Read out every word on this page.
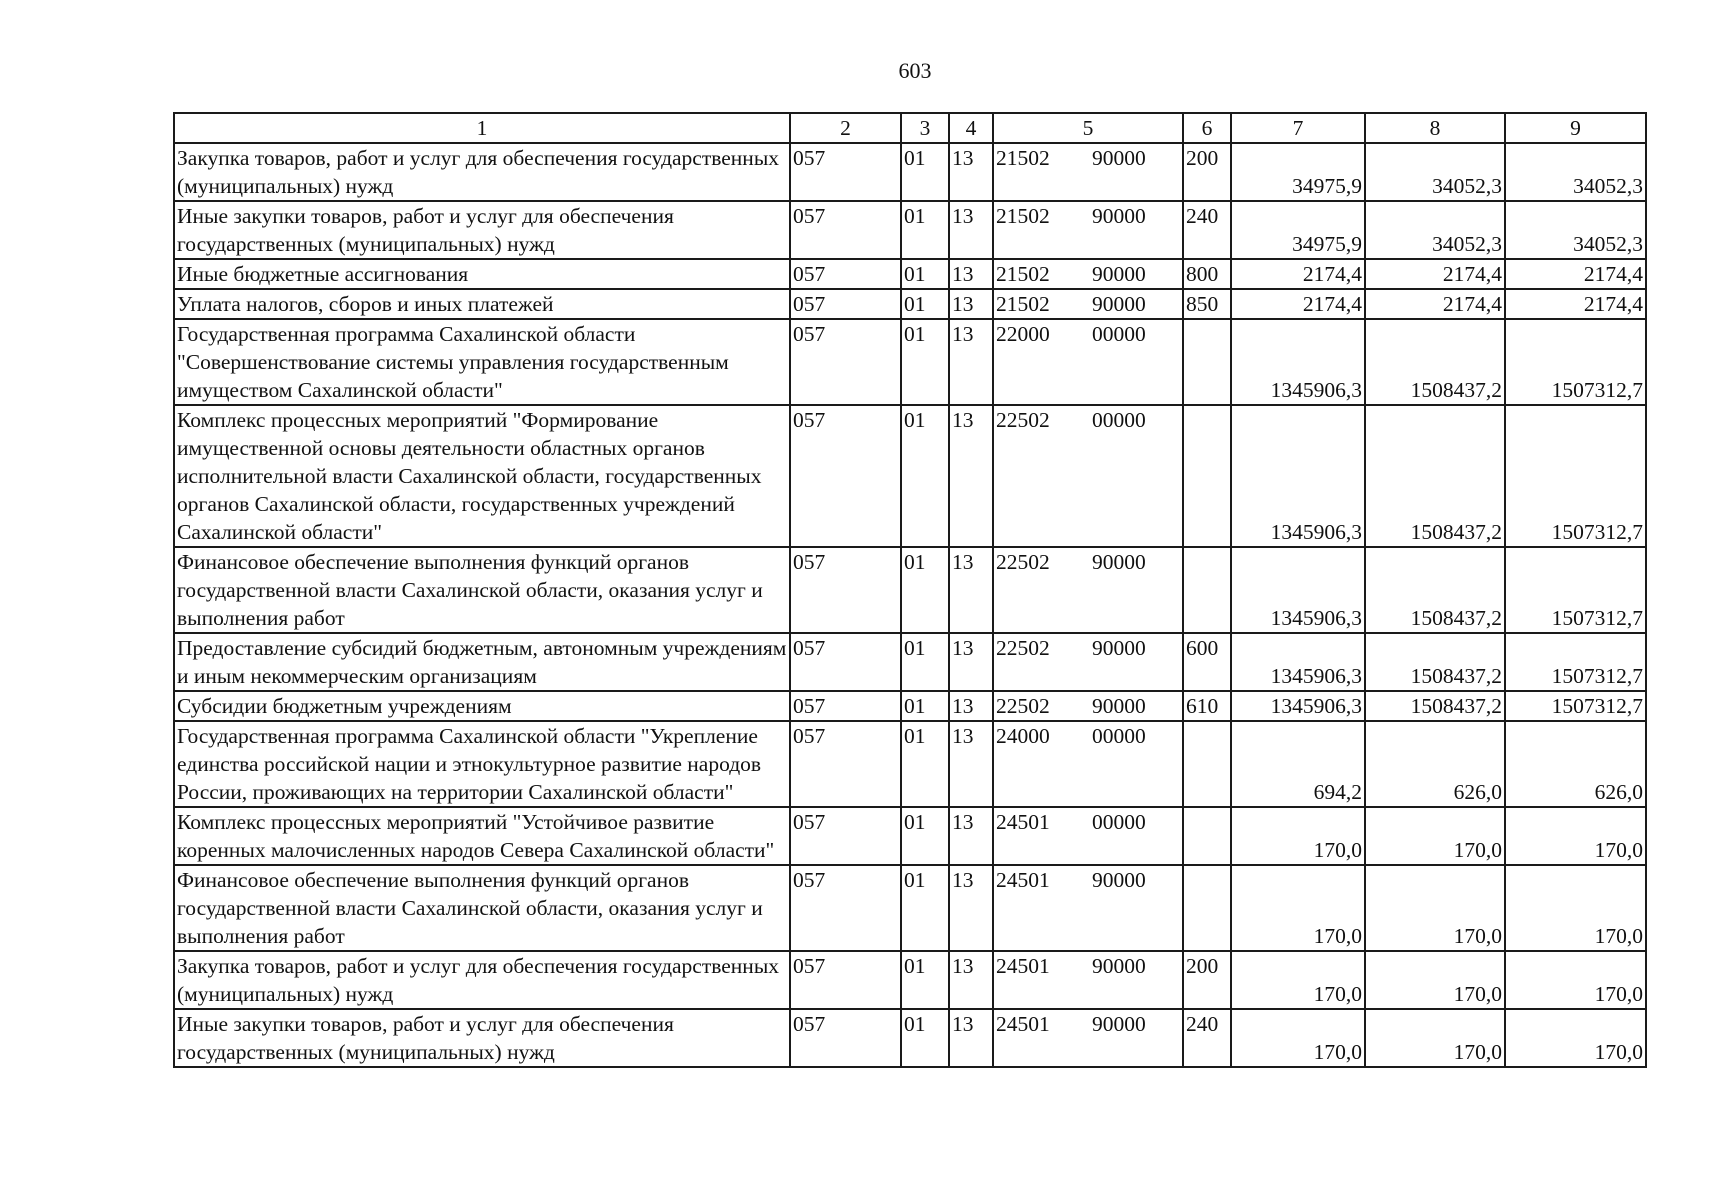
603
1	2	3	4	5	6	7	8	9
Закупка товаров, работ и услуг для обеспечения государственных (муниципальных) нужд	057	01	13	21502 90000	200	34975,9	34052,3	34052,3
Иные закупки товаров, работ и услуг для обеспечения государственных (муниципальных) нужд	057	01	13	21502 90000	240	34975,9	34052,3	34052,3
Иные бюджетные ассигнования	057	01	13	21502 90000	800	2174,4	2174,4	2174,4
Уплата налогов, сборов и иных платежей	057	01	13	21502 90000	850	2174,4	2174,4	2174,4
Государственная программа Сахалинской области "Совершенствование системы управления государственным имуществом Сахалинской области"	057	01	13	22000 00000		1345906,3	1508437,2	1507312,7
Комплекс процессных мероприятий "Формирование имущественной основы деятельности областных органов исполнительной власти Сахалинской области, государственных органов Сахалинской области, государственных учреждений Сахалинской области"	057	01	13	22502 00000		1345906,3	1508437,2	1507312,7
Финансовое обеспечение выполнения функций органов государственной власти Сахалинской области, оказания услуг и выполнения работ	057	01	13	22502 90000		1345906,3	1508437,2	1507312,7
Предоставление субсидий бюджетным, автономным учреждениям и иным некоммерческим организациям	057	01	13	22502 90000	600	1345906,3	1508437,2	1507312,7
Субсидии бюджетным учреждениям	057	01	13	22502 90000	610	1345906,3	1508437,2	1507312,7
Государственная программа Сахалинской области "Укрепление единства российской нации и этнокультурное развитие народов России, проживающих на территории Сахалинской области"	057	01	13	24000 00000		694,2	626,0	626,0
Комплекс процессных мероприятий "Устойчивое развитие коренных малочисленных народов Севера Сахалинской области"	057	01	13	24501 00000		170,0	170,0	170,0
Финансовое обеспечение выполнения функций органов государственной власти Сахалинской области, оказания услуг и выполнения работ	057	01	13	24501 90000		170,0	170,0	170,0
Закупка товаров, работ и услуг для обеспечения государственных (муниципальных) нужд	057	01	13	24501 90000	200	170,0	170,0	170,0
Иные закупки товаров, работ и услуг для обеспечения государственных (муниципальных) нужд	057	01	13	24501 90000	240	170,0	170,0	170,0
